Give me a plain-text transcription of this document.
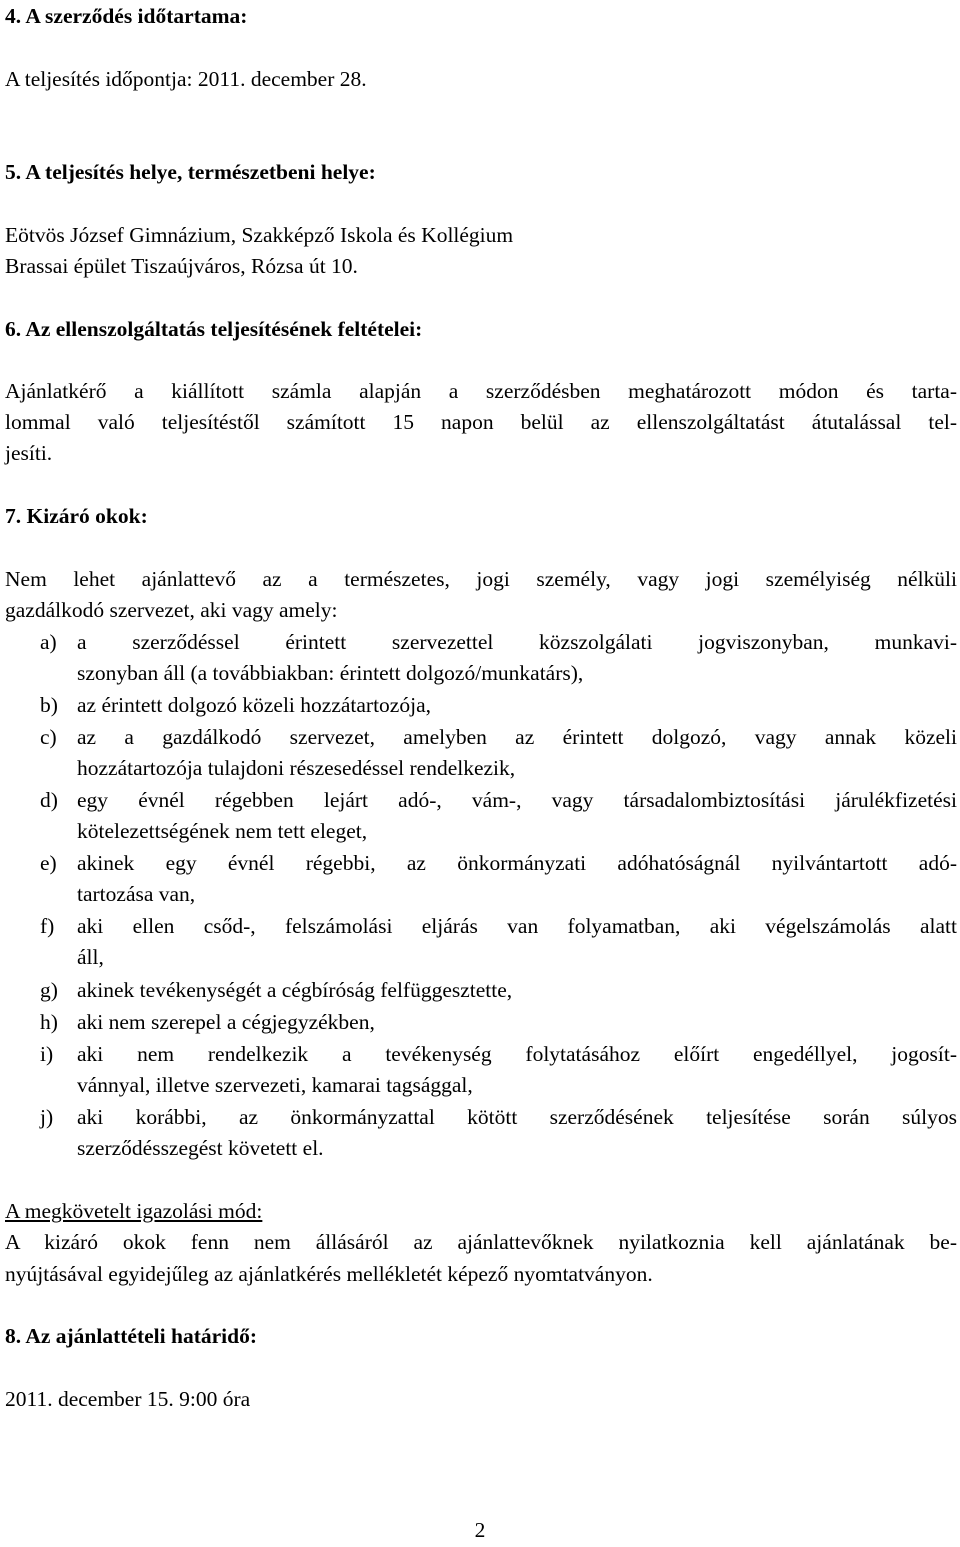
4. A szerződés időtartama:
A teljesítés időpontja: 2011. december 28.
5. A teljesítés helye, természetbeni helye:
Eötvös József Gimnázium, Szakképző Iskola és Kollégium
Brassai épület Tiszaújváros, Rózsa út 10.
6. Az ellenszolgáltatás teljesítésének feltételei:
Ajánlatkérő a kiállított számla alapján a szerződésben meghatározott módon és tarta-
lommal való teljesítéstől számított 15 napon belül az ellenszolgáltatást átutalással tel-
jesíti.
7. Kizáró okok:
Nem lehet ajánlattevő az a természetes, jogi személy, vagy jogi személyiség nélküli
gazdálkodó szervezet, aki vagy amely:
a) a szerződéssel érintett szervezettel közszolgálati jogviszonyban, munkavi-
szonyban áll (a továbbiakban: érintett dolgozó/munkatárs),
b) az érintett dolgozó közeli hozzátartozója,
c) az a gazdálkodó szervezet, amelyben az érintett dolgozó, vagy annak közeli
hozzátartozója tulajdoni részesedéssel rendelkezik,
d) egy évnél régebben lejárt adó-, vám-, vagy társadalombiztosítási járulékfizetési
kötelezettségének nem tett eleget,
e) akinek egy évnél régebbi, az önkormányzati adóhatóságnál nyilvántartott adó-
tartozása van,
f) aki ellen csőd-, felszámolási eljárás van folyamatban, aki végelszámolás alatt
áll,
g) akinek tevékenységét a cégbíróság felfüggesztette,
h) aki nem szerepel a cégjegyzékben,
i) aki nem rendelkezik a tevékenység folytatásához előírt engedéllyel, jogosít-
vánnyal, illetve szervezeti, kamarai tagsággal,
j) aki korábbi, az önkormányzattal kötött szerződésének teljesítése során súlyos
szerződésszegést követett el.
A megkövetelt igazolási mód:
A kizáró okok fenn nem állásáról az ajánlattevőknek nyilatkoznia kell ajánlatának be-
nyújtásával egyidejűleg az ajánlatkérés mellékletét képező nyomtatványon.
8. Az ajánlattételi határidő:
2011. december 15. 9:00 óra
2
